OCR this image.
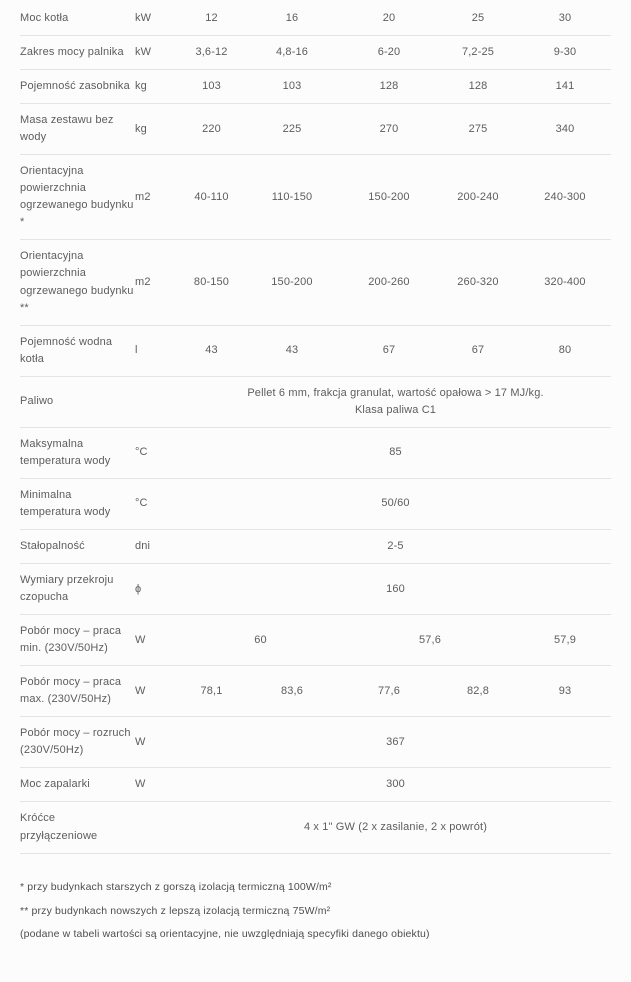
Moc kotła	kW	12	16	20	25	30
Zakres mocy palnika	kW	3,6-12	4,8-16	6-20	7,2-25	9-30
Pojemność zasobnika	kg	103	103	128	128	141
Masa zestawu bez wody	kg	220	225	270	275	340
Orientacyjna powierzchnia ogrzewanego budynku *	m2	40-110	110-150	150-200	200-240	240-300
Orientacyjna powierzchnia ogrzewanego budynku **	m2	80-150	150-200	200-260	260-320	320-400
Pojemność wodna kotła	l	43	43	67	67	80
Paliwo		Pellet 6 mm, frakcja granulat, wartość opałowa > 17 MJ/kg.
Klasa paliwa C1				

Maksymalna temperatura wody	°C	85				
Minimalna temperatura wody	°C	50/60				
Stałopalność	dni	2-5				
Wymiary przekroju czopucha	ϕ	160				
Pobór mocy – praca min. (230V/50Hz)	W	60		57,6		57,9
Pobór mocy – praca max. (230V/50Hz)	W	78,1	83,6	77,6	82,8	93
Pobór mocy – rozruch (230V/50Hz)	W	367				
Moc zapalarki	W	300				
Króćce przyłączeniowe		4 x 1" GW (2 x zasilanie, 2 x powrót)				

* przy budynkach starszych z gorszą izolacją termiczną 100W/m²

** przy budynkach nowszych z lepszą izolacją termiczną 75W/m²

(podane w tabeli wartości są orientacyjne, nie uwzględniają specyfiki danego obiektu)
